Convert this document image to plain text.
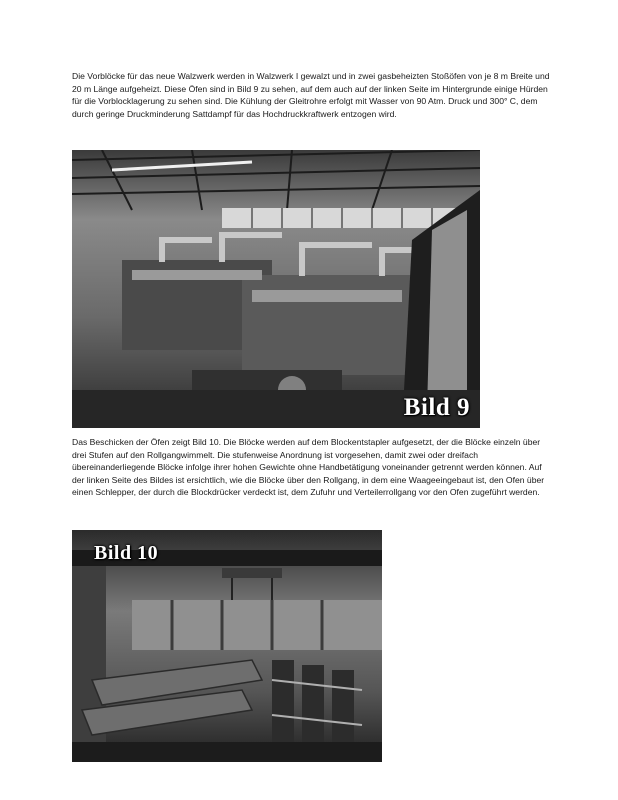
Die Vorblöcke für das neue Walzwerk werden in Walzwerk I gewalzt und in zwei gasbeheizten Stoßöfen von je 8 m Breite und 20 m Länge aufgeheizt. Diese Öfen sind in Bild 9 zu sehen, auf dem auch auf der linken Seite im Hintergrunde einige Hürden für die Vorblocklagerung zu sehen sind. Die Kühlung der Gleitrohre erfolgt mit Wasser von 90 Atm. Druck und 300° C, dem durch geringe Druckminderung Sattdampf für das Hochdruckkraftwerk entzogen wird.

Bild 9

Das Beschicken der Öfen zeigt Bild 10. Die Blöcke werden auf dem Blockentstapler aufgesetzt, der die Blöcke einzeln über drei Stufen auf den Rollgangwimmelt. Die stufenweise Anordnung ist vorgesehen, damit zwei oder dreifach übereinanderliegende Blöcke infolge ihrer hohen Gewichte ohne Handbetätigung voneinander getrennt werden können. Auf der linken Seite des Bildes ist ersichtlich, wie die Blöcke über den Rollgang, in dem eine Waageeingebaut ist, den Ofen über einen Schlepper, der durch die Blockdrücker verdeckt ist, dem Zufuhr und Verteilerrollgang vor den Ofen zugeführt werden.

Bild 10
